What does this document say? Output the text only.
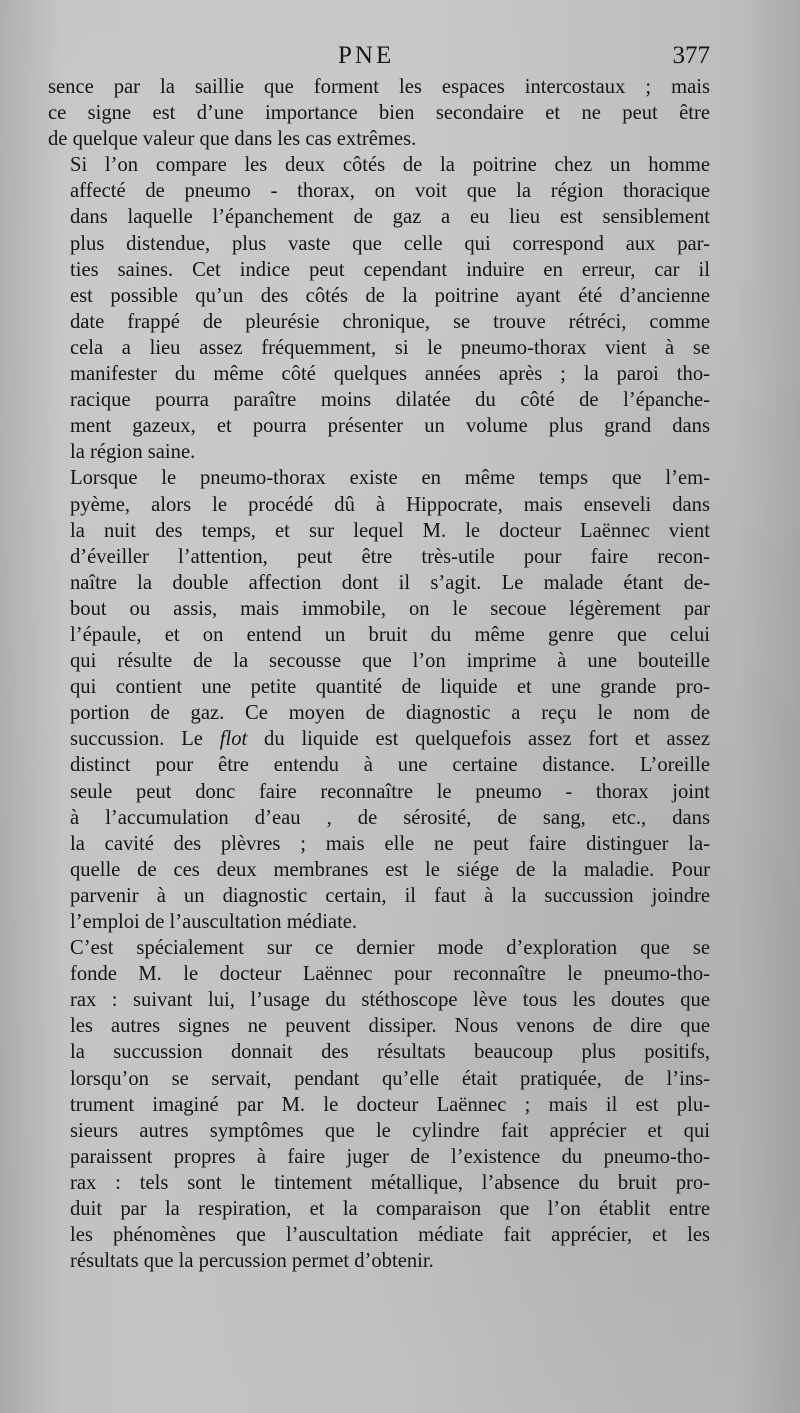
PNE	377

sence par la saillie que forment les espaces intercostaux ; mais
ce signe est d’une importance bien secondaire et ne peut être
de quelque valeur que dans les cas extrêmes.

Si l’on compare les deux côtés de la poitrine chez un homme
affecté de pneumo - thorax, on voit que la région thoracique
dans laquelle l’épanchement de gaz a eu lieu est sensiblement
plus distendue, plus vaste que celle qui correspond aux par-
ties saines. Cet indice peut cependant induire en erreur, car il
est possible qu’un des côtés de la poitrine ayant été d’ancienne
date frappé de pleurésie chronique, se trouve rétréci, comme
cela a lieu assez fréquemment, si le pneumo-thorax vient à se
manifester du même côté quelques années après ; la paroi tho-
racique pourra paraître moins dilatée du côté de l’épanche-
ment gazeux, et pourra présenter un volume plus grand dans
la région saine.

Lorsque le pneumo-thorax existe en même temps que l’em-
pyème, alors le procédé dû à Hippocrate, mais enseveli dans
la nuit des temps, et sur lequel M. le docteur Laënnec vient
d’éveiller l’attention, peut être très-utile pour faire recon-
naître la double affection dont il s’agit. Le malade étant de-
bout ou assis, mais immobile, on le secoue légèrement par
l’épaule, et on entend un bruit du même genre que celui
qui résulte de la secousse que l’on imprime à une bouteille
qui contient une petite quantité de liquide et une grande pro-
portion de gaz. Ce moyen de diagnostic a reçu le nom de
succussion. Le flot du liquide est quelquefois assez fort et assez
distinct pour être entendu à une certaine distance. L’oreille
seule peut donc faire reconnaître le pneumo - thorax joint
à l’accumulation d’eau , de sérosité, de sang, etc., dans
la cavité des plèvres ; mais elle ne peut faire distinguer la-
quelle de ces deux membranes est le siége de la maladie. Pour
parvenir à un diagnostic certain, il faut à la succussion joindre
l’emploi de l’auscultation médiate.

C’est spécialement sur ce dernier mode d’exploration que se
fonde M. le docteur Laënnec pour reconnaître le pneumo-tho-
rax : suivant lui, l’usage du stéthoscope lève tous les doutes que
les autres signes ne peuvent dissiper. Nous venons de dire que
la succussion donnait des résultats beaucoup plus positifs,
lorsqu’on se servait, pendant qu’elle était pratiquée, de l’ins-
trument imaginé par M. le docteur Laënnec ; mais il est plu-
sieurs autres symptômes que le cylindre fait apprécier et qui
paraissent propres à faire juger de l’existence du pneumo-tho-
rax : tels sont le tintement métallique, l’absence du bruit pro-
duit par la respiration, et la comparaison que l’on établit entre
les phénomènes que l’auscultation médiate fait apprécier, et les
résultats que la percussion permet d’obtenir.
